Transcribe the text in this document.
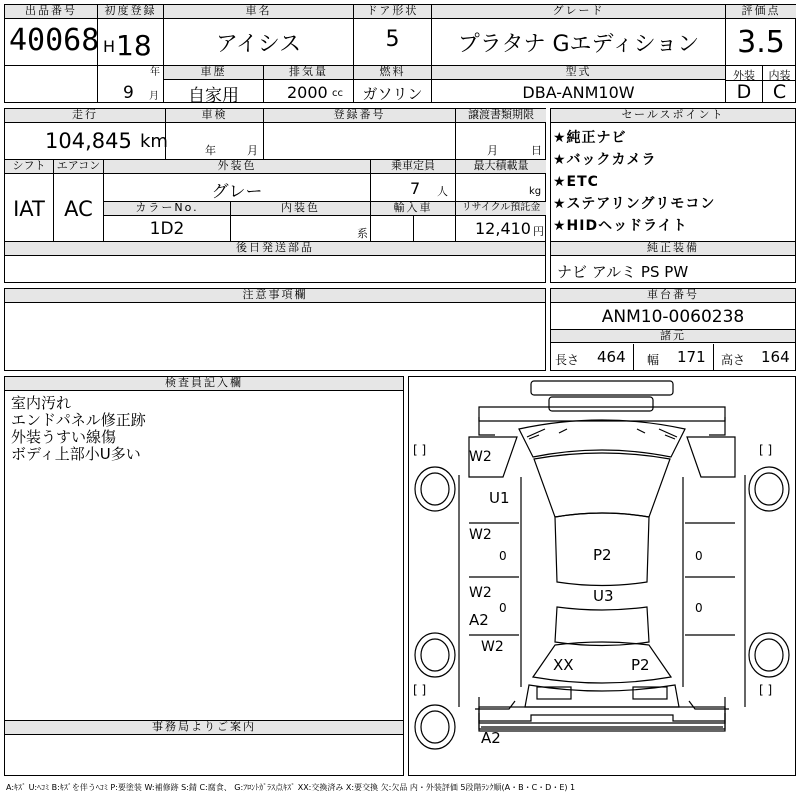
出品番号
40068
初度登録
H 18
年
9 月
車名
アイシス
ドア形状
5
グレード
プラタナ Gエディション
評価点
3.5
車歴
自家用
排気量
2000 cc
燃料
ガソリン
型式
DBA-ANM10W
外装	内装
D	C
走行
104,845 km
車検
年	月
登録番号	譲渡書類期限
月	日
シフト
IAT
エアコン
AC
外装色
グレー
乗車定員
7 人
最大積載量
kg
カラーNo.
1D2
内装色
系
輸入車	リサイクル預託金
12,410 円
後日発送部品
セールスポイント
★純正ナビ
★バックカメラ
★ETC
★ステアリングリモコン
★HIDヘッドライト
純正装備
ナビ アルミ PS PW
注意事項欄	車台番号
ANM10-0060238
諸元
長さ 464 幅 171 高さ 164
検査員記入欄
室内汚れ
エンドパネル修正跡
外装うすい線傷
ボディ上部小U多い
事務局よりご案内
[ ]	[ ]
[ ]	[ ]
W2
U1
W2
0	0
W2
0	0
A2
W2
P2
U3
XX	P2
A2
A:ｷｽﾞ U:ﾍｺﾐ B:ｷｽﾞを伴うﾍｺﾐ P:要塗装 W:補修跡 S:錆 C:腐食、 G:ﾌﾛﾝﾄｶﾞﾗｽ点ｷｽﾞ XX:交換済み X:要交換 欠:欠品 内・外装評価 5段階ﾗﾝｸ順(A・B・C・D・E) 1
